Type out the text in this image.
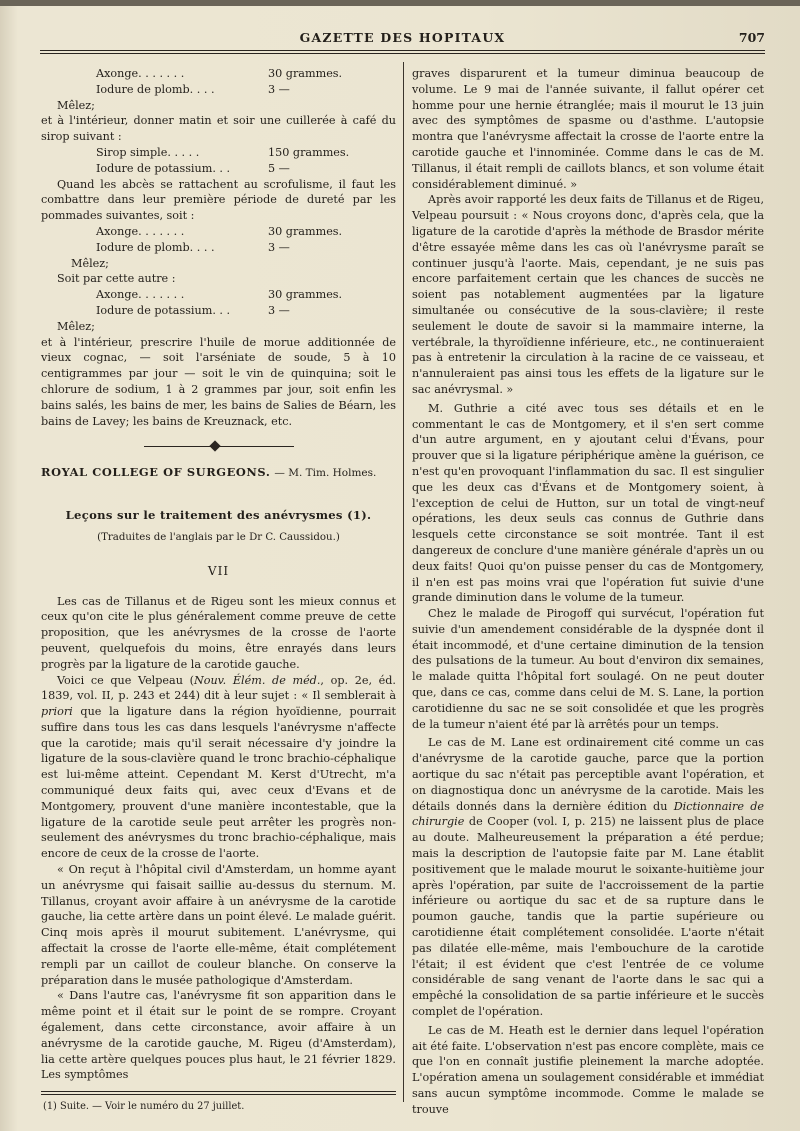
GAZETTE DES HOPITAUX	707
Axonge. . . . . . .	30 grammes.
Iodure de plomb. . . .	3 —

Mêlez;

et à l'intérieur, donner matin et soir une cuillerée à café du sirop suivant :

Sirop simple. . . . .	150 grammes.
Iodure de potassium. . .	5 —

Quand les abcès se rattachent au scrofulisme, il faut les combattre dans leur première période de dureté par les pommades suivantes, soit :

Axonge. . . . . . .	30 grammes.
Iodure de plomb. . . .	3 —

Mêlez;

Soit par cette autre :

Axonge. . . . . . .	30 grammes.
Iodure de potassium. . .	3 —

Mêlez;

et à l'intérieur, prescrire l'huile de morue additionnée de vieux cognac, — soit l'arséniate de soude, 5 à 10 centigrammes par jour — soit le vin de quinquina; soit le chlorure de sodium, 1 à 2 grammes par jour, soit enfin les bains salés, les bains de mer, les bains de Salies de Béarn, les bains de Lavey; les bains de Kreuznack, etc.

ROYAL COLLEGE OF SURGEONS. — M. Tim. Holmes.

Leçons sur le traitement des anévrysmes (1).

(Traduites de l'anglais par le Dr C. Caussidou.)

VII

Les cas de Tillanus et de Rigeu sont les mieux connus et ceux qu'on cite le plus généralement comme preuve de cette proposition, que les anévrysmes de la crosse de l'aorte peuvent, quelquefois du moins, être enrayés dans leurs progrès par la ligature de la carotide gauche.

Voici ce que Velpeau (Nouv. Élém. de méd., op. 2e, éd. 1839, vol. II, p. 243 et 244) dit à leur sujet : « Il semblerait à priori que la ligature dans la région hyoïdienne, pourrait suffire dans tous les cas dans lesquels l'anévrysme n'affecte que la carotide; mais qu'il serait nécessaire d'y joindre la ligature de la sous-clavière quand le tronc brachio-céphalique est lui-même atteint. Cependant M. Kerst d'Utrecht, m'a communiqué deux faits qui, avec ceux d'Evans et de Montgomery, prouvent d'une manière incontestable, que la ligature de la carotide seule peut arrêter les progrès non-seulement des anévrysmes du tronc brachio-céphalique, mais encore de ceux de la crosse de l'aorte.

« On reçut à l'hôpital civil d'Amsterdam, un homme ayant un anévrysme qui faisait saillie au-dessus du sternum. M. Tillanus, croyant avoir affaire à un anévrysme de la carotide gauche, lia cette artère dans un point élevé. Le malade guérit. Cinq mois après il mourut subitement. L'anévrysme, qui affectait la crosse de l'aorte elle-même, était complétement rempli par un caillot de couleur blanche. On conserve la préparation dans le musée pathologique d'Amsterdam.

« Dans l'autre cas, l'anévrysme fit son apparition dans le même point et il était sur le point de se rompre. Croyant également, dans cette circonstance, avoir affaire à un anévrysme de la carotide gauche, M. Rigeu (d'Amsterdam), lia cette artère quelques pouces plus haut, le 21 février 1829. Les symptômes

(1) Suite. — Voir le numéro du 27 juillet.

graves disparurent et la tumeur diminua beaucoup de volume. Le 9 mai de l'année suivante, il fallut opérer cet homme pour une hernie étranglée; mais il mourut le 13 juin avec des symptômes de spasme ou d'asthme. L'autopsie montra que l'anévrysme affectait la crosse de l'aorte entre la carotide gauche et l'innominée. Comme dans le cas de M. Tillanus, il était rempli de caillots blancs, et son volume était considérablement diminué. »

Après avoir rapporté les deux faits de Tillanus et de Rigeu, Velpeau poursuit : « Nous croyons donc, d'après cela, que la ligature de la carotide d'après la méthode de Brasdor mérite d'être essayée même dans les cas où l'anévrysme paraît se continuer jusqu'à l'aorte. Mais, cependant, je ne suis pas encore parfaitement certain que les chances de succès ne soient pas notablement augmentées par la ligature simultanée ou consécutive de la sous-clavière; il reste seulement le doute de savoir si la mammaire interne, la vertébrale, la thyroïdienne inférieure, etc., ne continueraient pas à entretenir la circulation à la racine de ce vaisseau, et n'annuleraient pas ainsi tous les effets de la ligature sur le sac anévrysmal. »

M. Guthrie a cité avec tous ses détails et en le commentant le cas de Montgomery, et il s'en sert comme d'un autre argument, en y ajoutant celui d'Évans, pour prouver que si la ligature périphérique amène la guérison, ce n'est qu'en provoquant l'inflammation du sac. Il est singulier que les deux cas d'Évans et de Montgomery soient, à l'exception de celui de Hutton, sur un total de vingt-neuf opérations, les deux seuls cas connus de Guthrie dans lesquels cette circonstance se soit montrée. Tant il est dangereux de conclure d'une manière générale d'après un ou deux faits! Quoi qu'on puisse penser du cas de Montgomery, il n'en est pas moins vrai que l'opération fut suivie d'une grande diminution dans le volume de la tumeur.

Chez le malade de Pirogoff qui survécut, l'opération fut suivie d'un amendement considérable de la dyspnée dont il était incommodé, et d'une certaine diminution de la tension des pulsations de la tumeur. Au bout d'environ dix semaines, le malade quitta l'hôpital fort soulagé. On ne peut douter que, dans ce cas, comme dans celui de M. S. Lane, la portion carotidienne du sac ne se soit consolidée et que les progrès de la tumeur n'aient été par là arrêtés pour un temps.

Le cas de M. Lane est ordinairement cité comme un cas d'anévrysme de la carotide gauche, parce que la portion aortique du sac n'était pas perceptible avant l'opération, et on diagnostiqua donc un anévrysme de la carotide. Mais les détails donnés dans la dernière édition du Dictionnaire de chirurgie de Cooper (vol. I, p. 215) ne laissent plus de place au doute. Malheureusement la préparation a été perdue; mais la description de l'autopsie faite par M. Lane établit positivement que le malade mourut le soixante-huitième jour après l'opération, par suite de l'accroissement de la partie inférieure ou aortique du sac et de sa rupture dans le poumon gauche, tandis que la partie supérieure ou carotidienne était complétement consolidée. L'aorte n'était pas dilatée elle-même, mais l'embouchure de la carotide l'était; il est évident que c'est l'entrée de ce volume considérable de sang venant de l'aorte dans le sac qui a empêché la consolidation de sa partie inférieure et le succès complet de l'opération.

Le cas de M. Heath est le dernier dans lequel l'opération ait été faite. L'observation n'est pas encore complète, mais ce que l'on en connaît justifie pleinement la marche adoptée. L'opération amena un soulagement considérable et immédiat sans aucun symptôme incommode. Comme le malade se trouve
